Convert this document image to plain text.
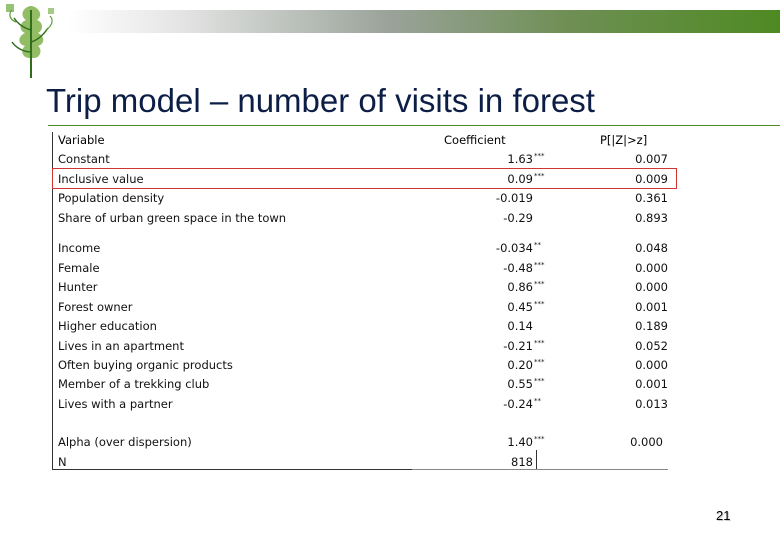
Trip model – number of visits in forest
Variable	Coefficient	P[|Z|>z]
Constant	1.63***	0.007
Inclusive value	0.09***	0.009
Population density	-0.019	0.361
Share of urban green space in the town	-0.29	0.893
Income	-0.034**	0.048
Female	-0.48***	0.000
Hunter	0.86***	0.000
Forest owner	0.45***	0.001
Higher education	0.14	0.189
Lives in an apartment	-0.21***	0.052
Often buying organic products	0.20***	0.000
Member of a trekking club	0.55***	0.001
Lives with a partner	-0.24**	0.013
Alpha (over dispersion)	1.40***	0.000
N	818
21
